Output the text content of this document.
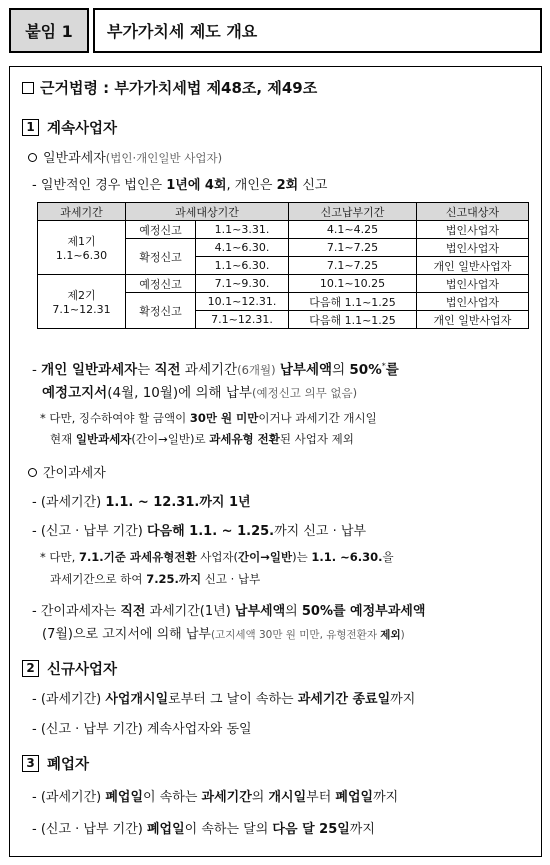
붙임 1 부가가치세 제도 개요
근거법령 : 부가가치세법 제48조, 제49조
1 계속사업자
일반과세자(법인·개인일반 사업자)
- 일반적인 경우 법인은 1년에 4회, 개인은 2회 신고
과세기간	과세대상기간		신고납부기간	신고대상자

제1기
1.1~6.30	예정신고	1.1~3.31.	4.1~4.25	법인사업자
	확정신고	4.1~6.30.	7.1~7.25	법인사업자
		1.1~6.30.	7.1~7.25	개인 일반사업자

제2기
7.1~12.31	예정신고	7.1~9.30.	10.1~10.25	법인사업자
	확정신고	10.1~12.31.	다음해 1.1~1.25	법인사업자
		7.1~12.31.	다음해 1.1~1.25	개인 일반사업자
- 개인 일반과세자는 직전 과세기간(6개월) 납부세액의 50%*를
예정고지서(4월, 10월)에 의해 납부(예정신고 의무 없음)
* 다만, 징수하여야 할 금액이 30만 원 미만이거나 과세기간 개시일
현재 일반과세자(간이→일반)로 과세유형 전환된 사업자 제외
간이과세자
- (과세기간) 1.1. ~ 12.31.까지 1년
- (신고 · 납부 기간) 다음해 1.1. ~ 1.25.까지 신고 · 납부
* 다만, 7.1.기준 과세유형전환 사업자(간이→일반)는 1.1. ~6.30.을
과세기간으로 하여 7.25.까지 신고 · 납부
- 간이과세자는 직전 과세기간(1년) 납부세액의 50%를 예정부과세액
(7월)으로 고지서에 의해 납부(고지세액 30만 원 미만, 유형전환자 제외)
2 신규사업자
- (과세기간) 사업개시일로부터 그 날이 속하는 과세기간 종료일까지
- (신고 · 납부 기간) 계속사업자와 동일
3 폐업자
- (과세기간) 폐업일이 속하는 과세기간의 개시일부터 폐업일까지
- (신고 · 납부 기간) 폐업일이 속하는 달의 다음 달 25일까지
